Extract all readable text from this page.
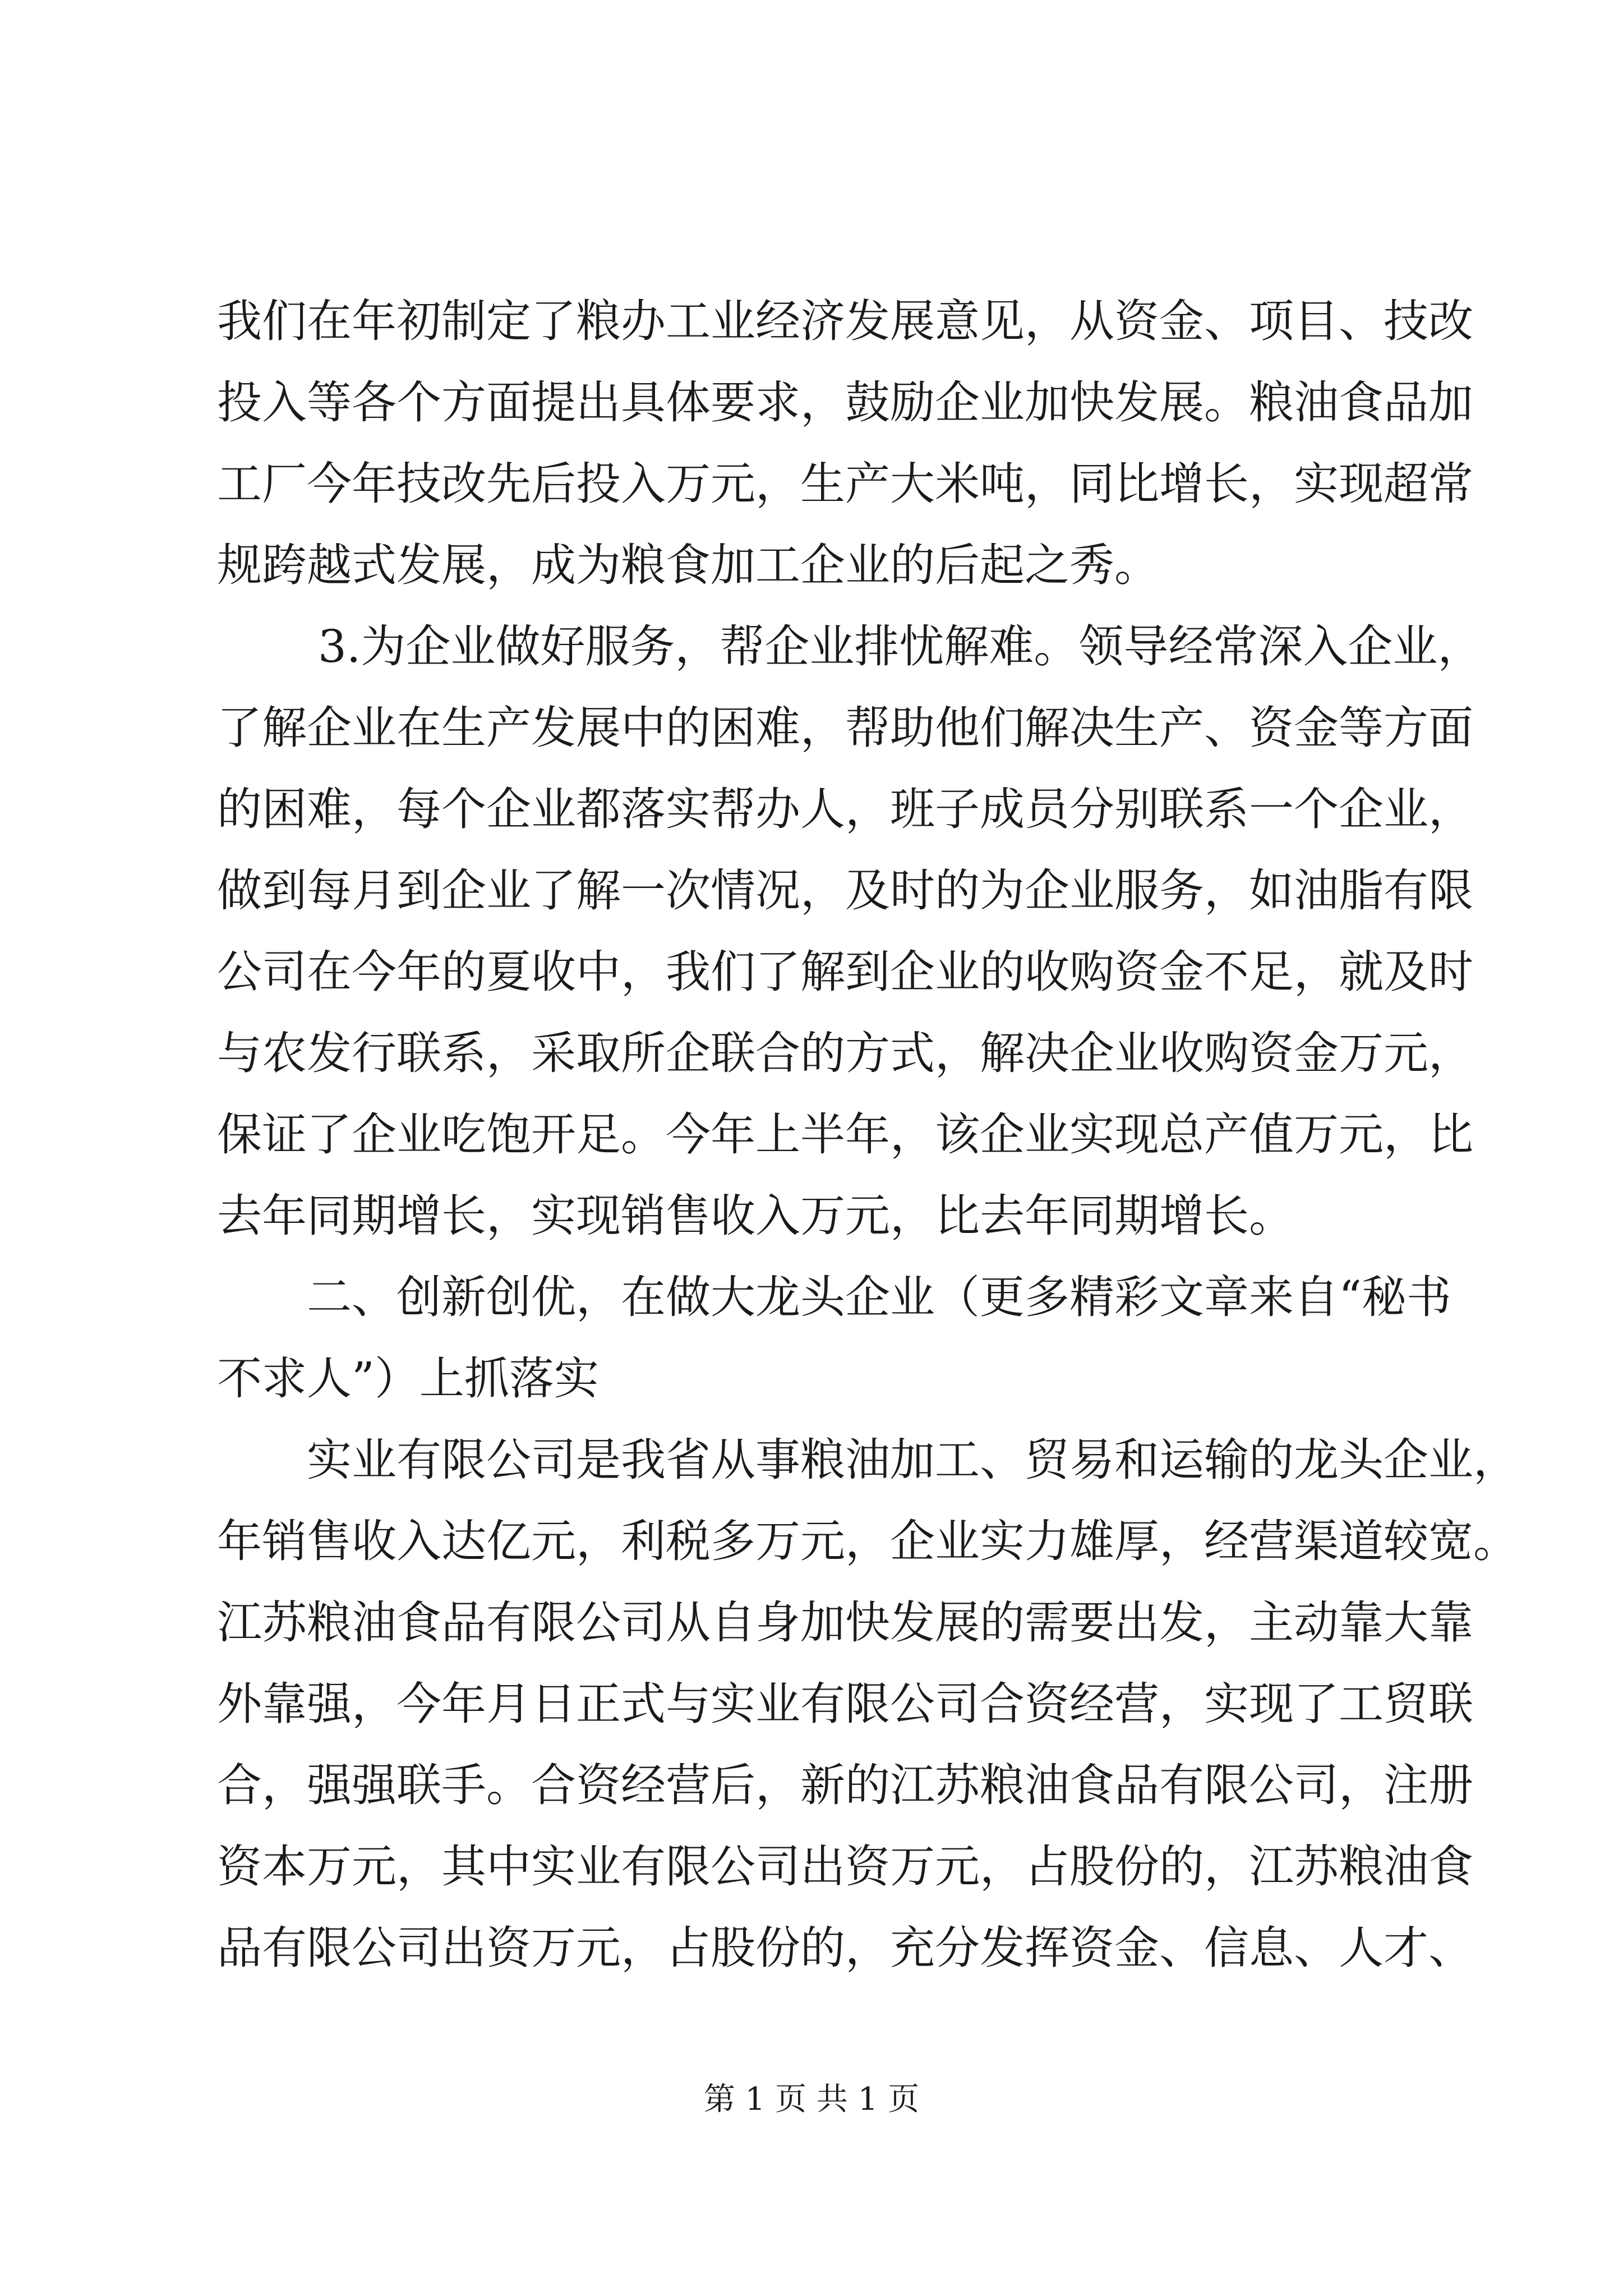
我们在年初制定了粮办工业经济发展意见，从资金、项目、技改
投入等各个方面提出具体要求，鼓励企业加快发展。粮油食品加
工厂今年技改先后投入万元，生产大米吨，同比增长，实现超常
规跨越式发展，成为粮食加工企业的后起之秀。
3.为企业做好服务，帮企业排忧解难。领导经常深入企业，
了解企业在生产发展中的困难，帮助他们解决生产、资金等方面
的困难，每个企业都落实帮办人，班子成员分别联系一个企业，
做到每月到企业了解一次情况，及时的为企业服务，如油脂有限
公司在今年的夏收中，我们了解到企业的收购资金不足，就及时
与农发行联系，采取所企联合的方式，解决企业收购资金万元，
保证了企业吃饱开足。今年上半年，该企业实现总产值万元，比
去年同期增长，实现销售收入万元，比去年同期增长。
二、创新创优，在做大龙头企业（更多精彩文章来自“秘书
不求人”）上抓落实
实业有限公司是我省从事粮油加工、贸易和运输的龙头企业，
年销售收入达亿元，利税多万元，企业实力雄厚，经营渠道较宽。
江苏粮油食品有限公司从自身加快发展的需要出发，主动靠大靠
外靠强，今年月日正式与实业有限公司合资经营，实现了工贸联
合，强强联手。合资经营后，新的江苏粮油食品有限公司，注册
资本万元，其中实业有限公司出资万元，占股份的，江苏粮油食
品有限公司出资万元，占股份的，充分发挥资金、信息、人才、
第 1 页 共 1 页
